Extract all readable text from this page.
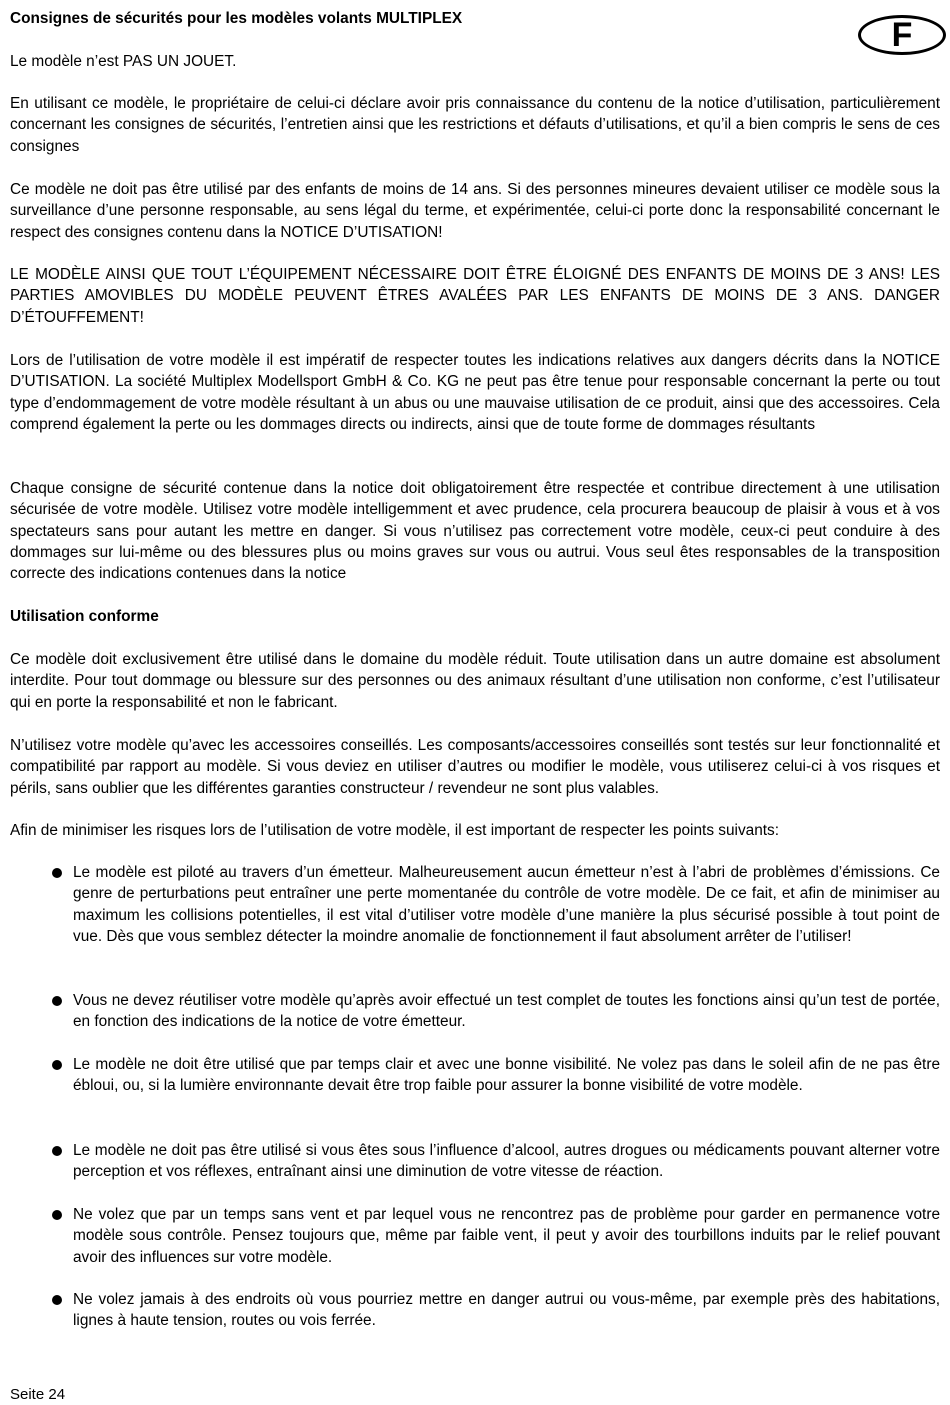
Consignes de sécurités pour les modèles volants MULTIPLEX	F

Le modèle n’est PAS UN JOUET.

En utilisant ce modèle, le propriétaire de celui-ci déclare avoir pris connaissance du contenu de la notice d’utilisation, particulièrement concernant les consignes de sécurités, l’entretien ainsi que les restrictions et défauts d’utilisations, et qu’il a bien compris le sens de ces consignes

Ce modèle ne doit pas être utilisé par des enfants de moins de 14 ans. Si des personnes mineures devaient utiliser ce modèle sous la surveillance d’une personne responsable, au sens légal du terme, et expérimentée, celui-ci porte donc la responsabilité concernant le respect des consignes contenu dans la NOTICE D’UTISATION!

LE MODÈLE AINSI QUE TOUT L’ÉQUIPEMENT NÉCESSAIRE DOIT ÊTRE ÉLOIGNÉ DES ENFANTS DE MOINS DE 3 ANS! LES PARTIES AMOVIBLES DU MODÈLE PEUVENT ÊTRES AVALÉES PAR LES ENFANTS DE MOINS DE 3 ANS. DANGER D’ÉTOUFFEMENT!

Lors de l’utilisation de votre modèle il est impératif de respecter toutes les indications relatives aux dangers décrits dans la NOTICE D’UTISATION. La société Multiplex Modellsport GmbH & Co. KG ne peut pas être tenue pour responsable concernant la perte ou tout type d’endommagement de votre modèle résultant à un abus ou une mauvaise utilisation de ce produit, ainsi que des accessoires. Cela comprend également la perte ou les dommages directs ou indirects, ainsi que de toute forme de dommages résultants

Chaque consigne de sécurité contenue dans la notice doit obligatoirement être respectée et contribue directement à une utilisation sécurisée de votre modèle. Utilisez votre modèle intelligemment et avec prudence, cela procurera beaucoup de plaisir à vous et à vos spectateurs sans pour autant les mettre en danger. Si vous n’utilisez pas correctement votre modèle, ceux-ci peut conduire à des dommages sur lui-même ou des blessures plus ou moins graves sur vous ou autrui. Vous seul êtes responsables de la transposition correcte des indications contenues dans la notice

Utilisation conforme

Ce modèle doit exclusivement être utilisé dans le domaine du modèle réduit. Toute utilisation dans un autre domaine est absolument interdite. Pour tout dommage ou blessure sur des personnes ou des animaux résultant d’une utilisation non conforme, c’est l’utilisateur qui en porte la responsabilité et non le fabricant.

N’utilisez votre modèle qu’avec les accessoires conseillés. Les composants/accessoires conseillés sont testés sur leur fonctionnalité et compatibilité par rapport au modèle. Si vous deviez en utiliser d’autres ou modifier le modèle, vous utiliserez celui-ci à vos risques et périls, sans oublier que les différentes garanties constructeur / revendeur ne sont plus valables.

Afin de minimiser les risques lors de l’utilisation de votre modèle, il est important de respecter les points suivants:

Le modèle est piloté au travers d’un émetteur. Malheureusement aucun émetteur n’est à l’abri de problèmes d’émissions. Ce genre de perturbations peut entraîner une perte momentanée du contrôle de votre modèle. De ce fait, et afin de minimiser au maximum les collisions potentielles, il est vital d’utiliser votre modèle d’une manière la plus sécurisé possible à tout point de vue. Dès que vous semblez détecter la moindre anomalie de fonctionnement il faut absolument arrêter de l’utiliser!

Vous ne devez réutiliser votre modèle qu’après avoir effectué un test complet de toutes les fonctions ainsi qu’un test de portée, en fonction des indications de la notice de votre émetteur.

Le modèle ne doit être utilisé que par temps clair et avec une bonne visibilité. Ne volez pas dans le soleil afin de ne pas être ébloui, ou, si la lumière environnante devait être trop faible pour assurer la bonne visibilité de votre modèle.

Le modèle ne doit pas être utilisé si vous êtes sous l’influence d’alcool, autres drogues ou médicaments pouvant alterner votre perception et vos réflexes, entraînant ainsi une diminution de votre vitesse de réaction.

Ne volez que par un temps sans vent et par lequel vous ne rencontrez pas de problème pour garder en permanence votre modèle sous contrôle. Pensez toujours que, même par faible vent, il peut y avoir des tourbillons induits par le relief pouvant avoir des influences sur votre modèle.

Ne volez jamais à des endroits où vous pourriez mettre en danger autrui ou vous-même, par exemple près des habitations, lignes à haute tension, routes ou vois ferrée.

Seite 24
